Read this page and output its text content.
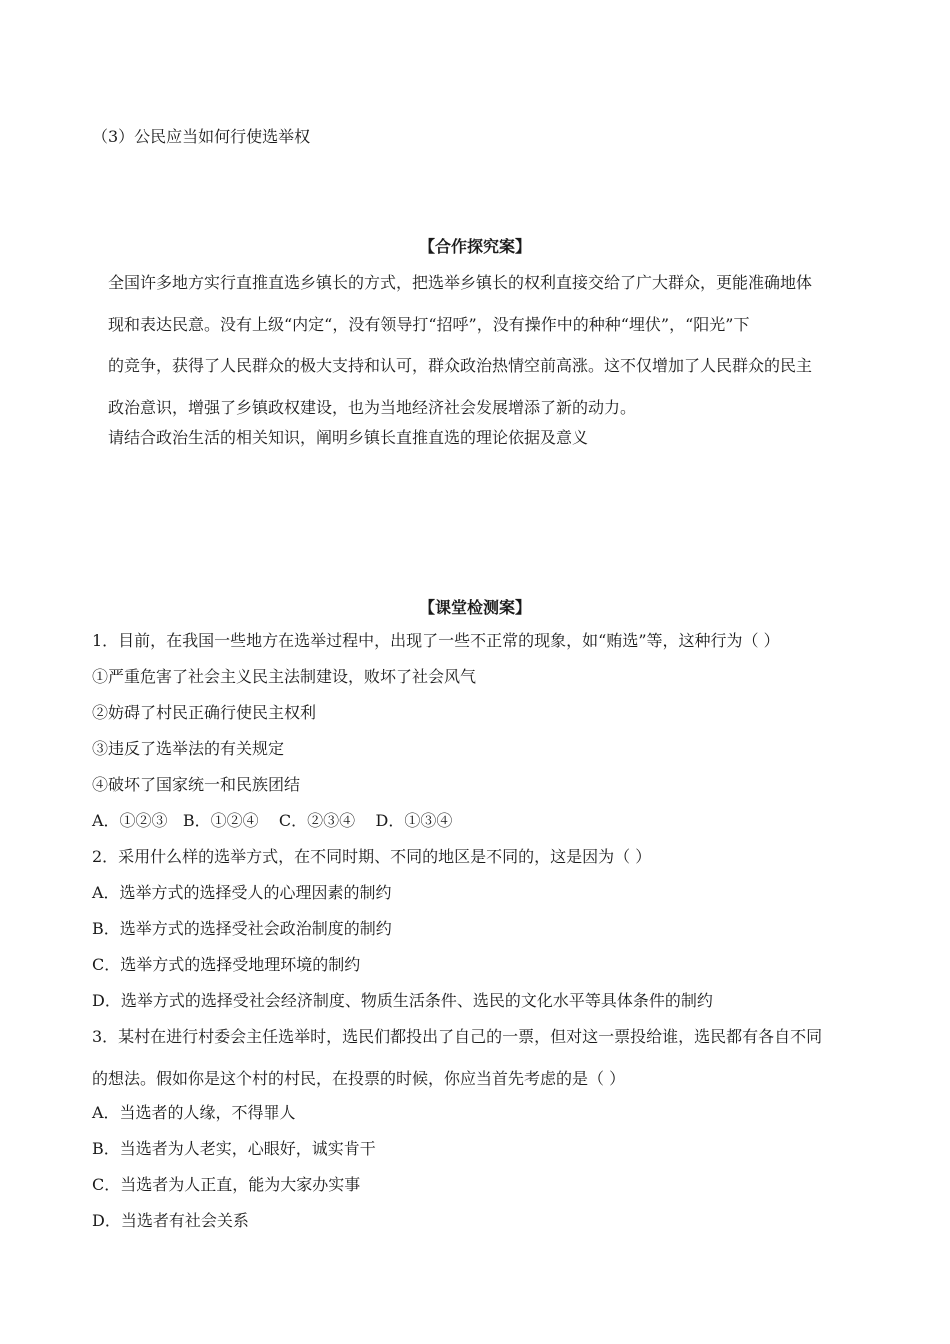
（3）公民应当如何行使选举权
【合作探究案】
全国许多地方实行直推直选乡镇长的方式，把选举乡镇长的权利直接交给了广大群众，更能准确地体
现和表达民意。没有上级“内定“，没有领导打“招呼”，没有操作中的种种“埋伏”，“阳光”下
的竞争，获得了人民群众的极大支持和认可，群众政治热情空前高涨。这不仅增加了人民群众的民主
政治意识，增强了乡镇政权建设，也为当地经济社会发展增添了新的动力。
请结合政治生活的相关知识，阐明乡镇长直推直选的理论依据及意义
【课堂检测案】
1．目前，在我国一些地方在选举过程中，出现了一些不正常的现象，如“贿选”等，这种行为（ ）
①严重危害了社会主义民主法制建设，败坏了社会风气
②妨碍了村民正确行使民主权利
③违反了选举法的有关规定
④破坏了国家统一和民族团结
A．①②③   B．①②④    C．②③④    D．①③④
2．采用什么样的选举方式，在不同时期、不同的地区是不同的，这是因为（ ）
A．选举方式的选择受人的心理因素的制约
B．选举方式的选择受社会政治制度的制约
C．选举方式的选择受地理环境的制约
D．选举方式的选择受社会经济制度、物质生活条件、选民的文化水平等具体条件的制约
3．某村在进行村委会主任选举时，选民们都投出了自己的一票，但对这一票投给谁，选民都有各自不同
的想法。假如你是这个村的村民，在投票的时候，你应当首先考虑的是（ ）
A．当选者的人缘，不得罪人
B．当选者为人老实，心眼好，诚实肯干
C．当选者为人正直，能为大家办实事
D．当选者有社会关系
